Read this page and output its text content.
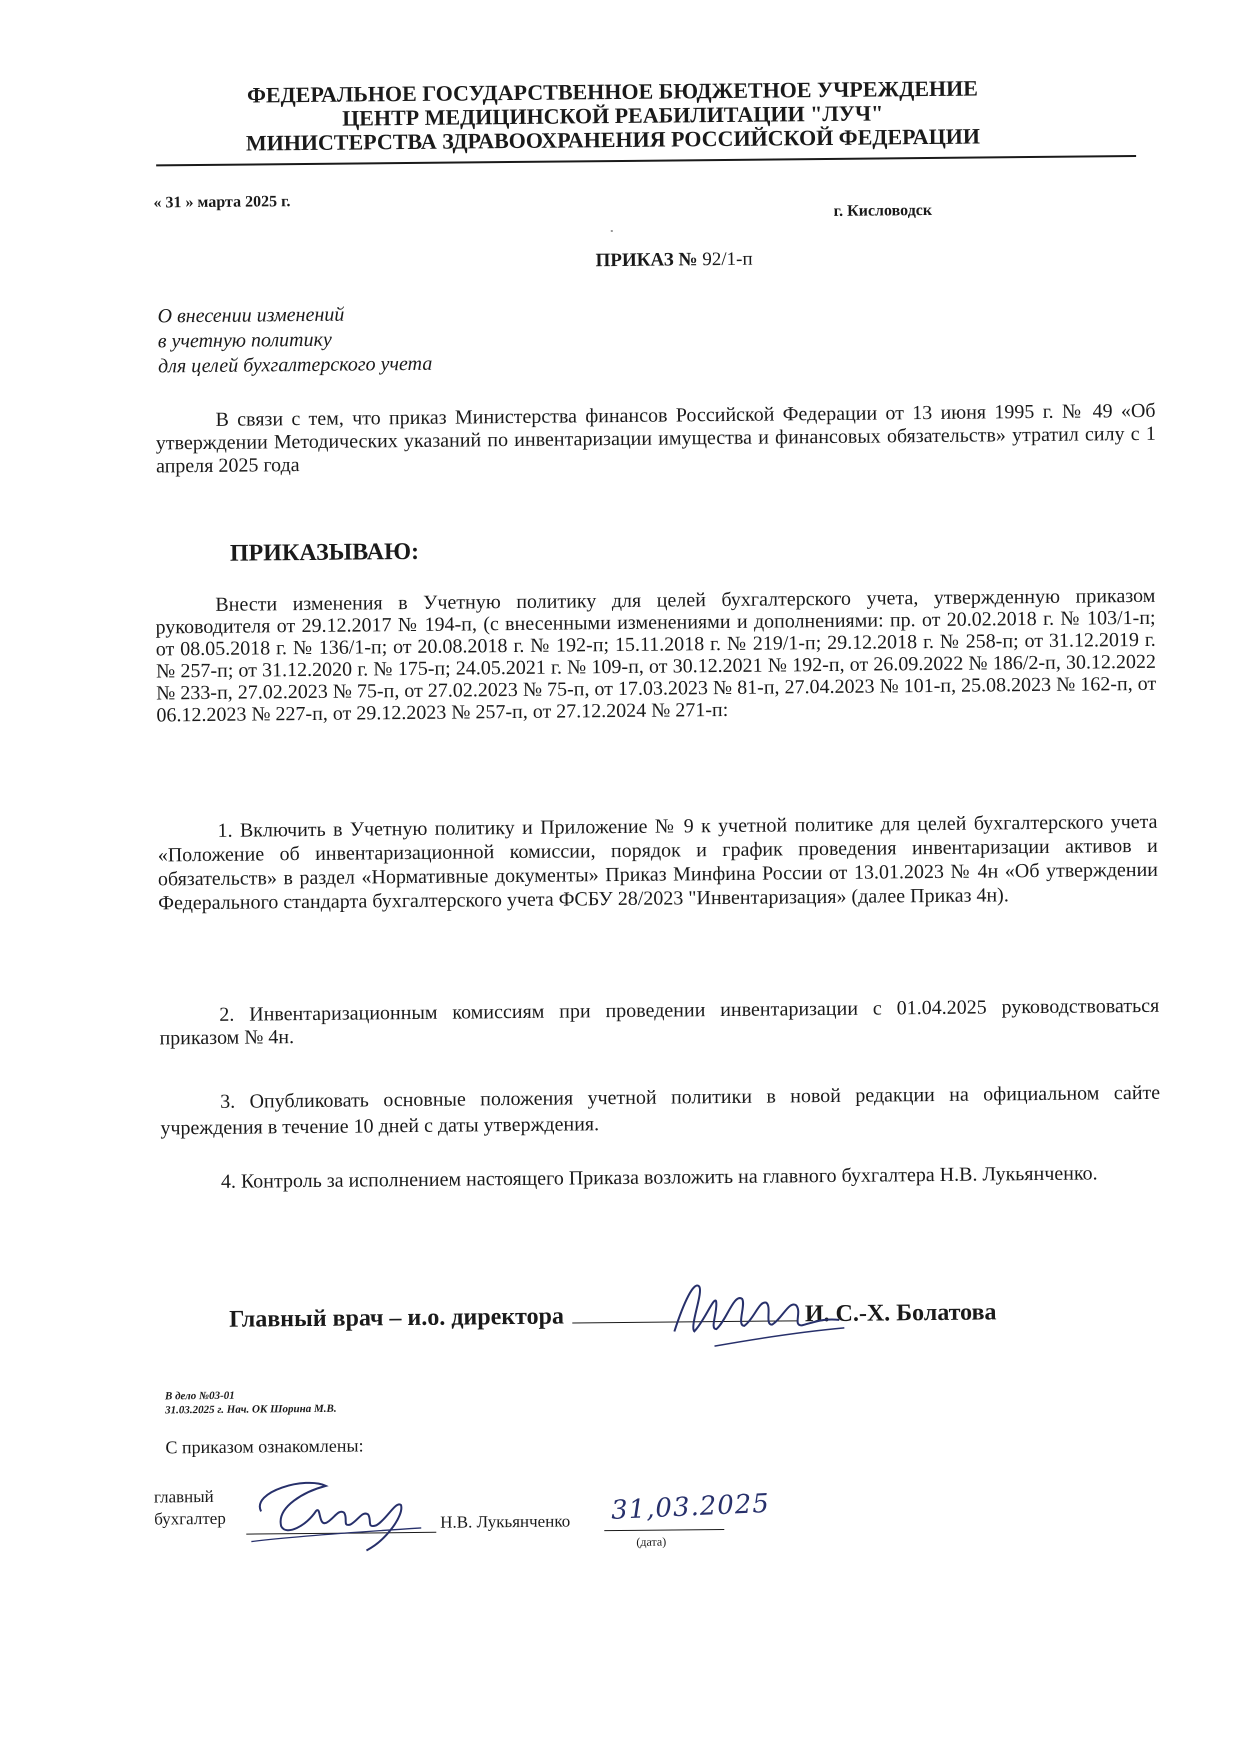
ФЕДЕРАЛЬНОЕ ГОСУДАРСТВЕННОЕ БЮДЖЕТНОЕ УЧРЕЖДЕНИЕ
ЦЕНТР МЕДИЦИНСКОЙ РЕАБИЛИТАЦИИ "ЛУЧ"
МИНИСТЕРСТВА ЗДРАВООХРАНЕНИЯ РОССИЙСКОЙ ФЕДЕРАЦИИ
« 31 » марта 2025 г.	г. Кисловодск
ПРИКАЗ № 92/1-п
О внесении изменений
в учетную политику
для целей бухгалтерского учета
В связи с тем, что приказ Министерства финансов Российской Федерации от 13 июня 1995 г. № 49 «Об утверждении Методических указаний по инвентаризации имущества и финансовых обязательств» утратил силу с 1 апреля 2025 года
ПРИКАЗЫВАЮ:
Внести изменения в Учетную политику для целей бухгалтерского учета, утвержденную приказом руководителя от 29.12.2017 № 194-п, (с внесенными изменениями и дополнениями: пр. от 20.02.2018 г. № 103/1-п; от 08.05.2018 г. № 136/1-п; от 20.08.2018 г. № 192-п; 15.11.2018 г. № 219/1-п; 29.12.2018 г. № 258-п; от 31.12.2019 г. № 257-п; от 31.12.2020 г. № 175-п; 24.05.2021 г. № 109-п, от 30.12.2021 № 192-п, от 26.09.2022 № 186/2-п, 30.12.2022 № 233-п, 27.02.2023 № 75-п, от 27.02.2023 № 75-п, от 17.03.2023 № 81-п, 27.04.2023 № 101-п, 25.08.2023 № 162-п, от 06.12.2023 № 227-п, от 29.12.2023 № 257-п, от 27.12.2024 № 271-п:
1. Включить в Учетную политику и Приложение № 9 к учетной политике для целей бухгалтерского учета «Положение об инвентаризационной комиссии, порядок и график проведения инвентаризации активов и обязательств» в раздел «Нормативные документы» Приказ Минфина России от 13.01.2023 № 4н «Об утверждении Федерального стандарта бухгалтерского учета ФСБУ 28/2023 "Инвентаризация» (далее Приказ 4н).
2. Инвентаризационным комиссиям при проведении инвентаризации с 01.04.2025 руководствоваться приказом № 4н.
3. Опубликовать основные положения учетной политики в новой редакции на официальном сайте учреждения в течение 10 дней с даты утверждения.
4. Контроль за исполнением настоящего Приказа возложить на главного бухгалтера Н.В. Лукьянченко.
Главный врач – и.о. директора	И. С.-Х. Болатова
В дело №03-01
31.03.2025 г. Нач. ОК Шорина М.В.
С приказом ознакомлены:
главный
бухгалтер	Н.В. Лукьянченко 31,03.2025
(дата)
